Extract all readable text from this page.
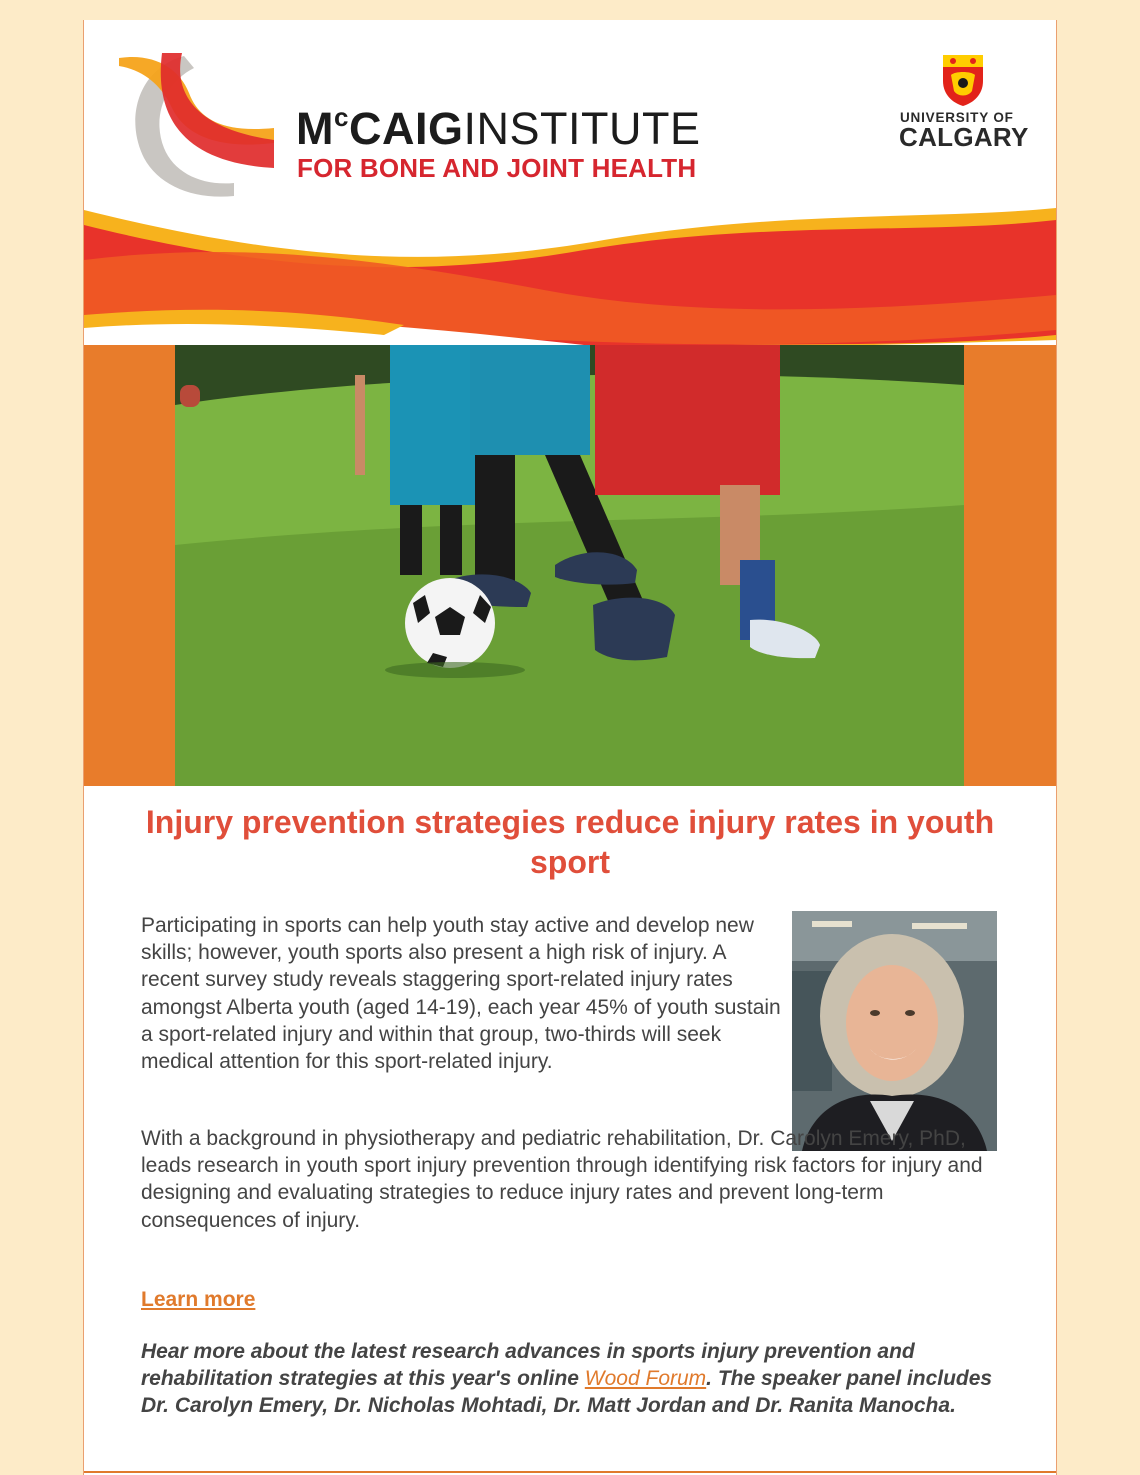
$M^cCAIGINSTITUTE$
FOR BONE AND JOINT HEALTH
UNIVERSITY OF
CALGARY
Injury prevention strategies reduce injury rates in youth sport
Participating in sports can help youth stay active and develop new skills; however, youth sports also present a high risk of injury. A recent survey study reveals staggering sport-related injury rates amongst Alberta youth (aged 14-19), each year 45% of youth sustain a sport-related injury and within that group, two-thirds will seek medical attention for this sport-related injury.
With a background in physiotherapy and pediatric rehabilitation, Dr. Carolyn Emery, PhD, leads research in youth sport injury prevention through identifying risk factors for injury and designing and evaluating strategies to reduce injury rates and prevent long-term consequences of injury.
Learn more
Hear more about the latest research advances in sports injury prevention and rehabilitation strategies at this year's online Wood Forum. The speaker panel includes Dr. Carolyn Emery, Dr. Nicholas Mohtadi, Dr. Matt Jordan and Dr. Ranita Manocha.
